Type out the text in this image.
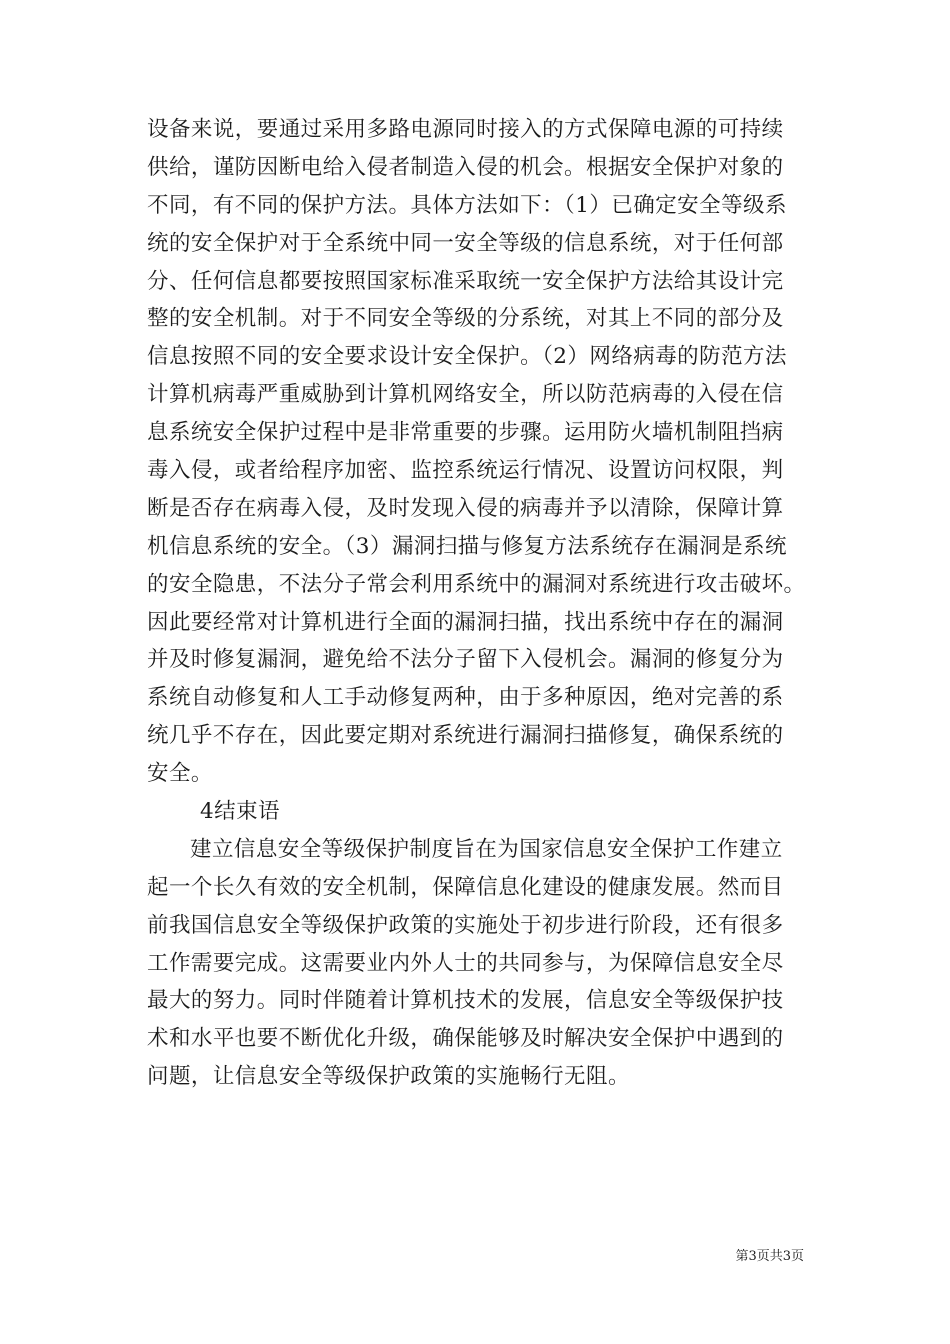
设备来说，要通过采用多路电源同时接入的方式保障电源的可持续
供给，谨防因断电给入侵者制造入侵的机会。根据安全保护对象的
不同，有不同的保护方法。具体方法如下：（1）已确定安全等级系
统的安全保护对于全系统中同一安全等级的信息系统，对于任何部
分、任何信息都要按照国家标准采取统一安全保护方法给其设计完
整的安全机制。对于不同安全等级的分系统，对其上不同的部分及
信息按照不同的安全要求设计安全保护。（2）网络病毒的防范方法
计算机病毒严重威胁到计算机网络安全，所以防范病毒的入侵在信
息系统安全保护过程中是非常重要的步骤。运用防火墙机制阻挡病
毒入侵，或者给程序加密、监控系统运行情况、设置访问权限，判
断是否存在病毒入侵，及时发现入侵的病毒并予以清除，保障计算
机信息系统的安全。（3）漏洞扫描与修复方法系统存在漏洞是系统
的安全隐患，不法分子常会利用系统中的漏洞对系统进行攻击破坏。
因此要经常对计算机进行全面的漏洞扫描，找出系统中存在的漏洞
并及时修复漏洞，避免给不法分子留下入侵机会。漏洞的修复分为
系统自动修复和人工手动修复两种，由于多种原因，绝对完善的系
统几乎不存在，因此要定期对系统进行漏洞扫描修复，确保系统的
安全。
4结束语
建立信息安全等级保护制度旨在为国家信息安全保护工作建立
起一个长久有效的安全机制，保障信息化建设的健康发展。然而目
前我国信息安全等级保护政策的实施处于初步进行阶段，还有很多
工作需要完成。这需要业内外人士的共同参与，为保障信息安全尽
最大的努力。同时伴随着计算机技术的发展，信息安全等级保护技
术和水平也要不断优化升级，确保能够及时解决安全保护中遇到的
问题，让信息安全等级保护政策的实施畅行无阻。
第3页共3页
